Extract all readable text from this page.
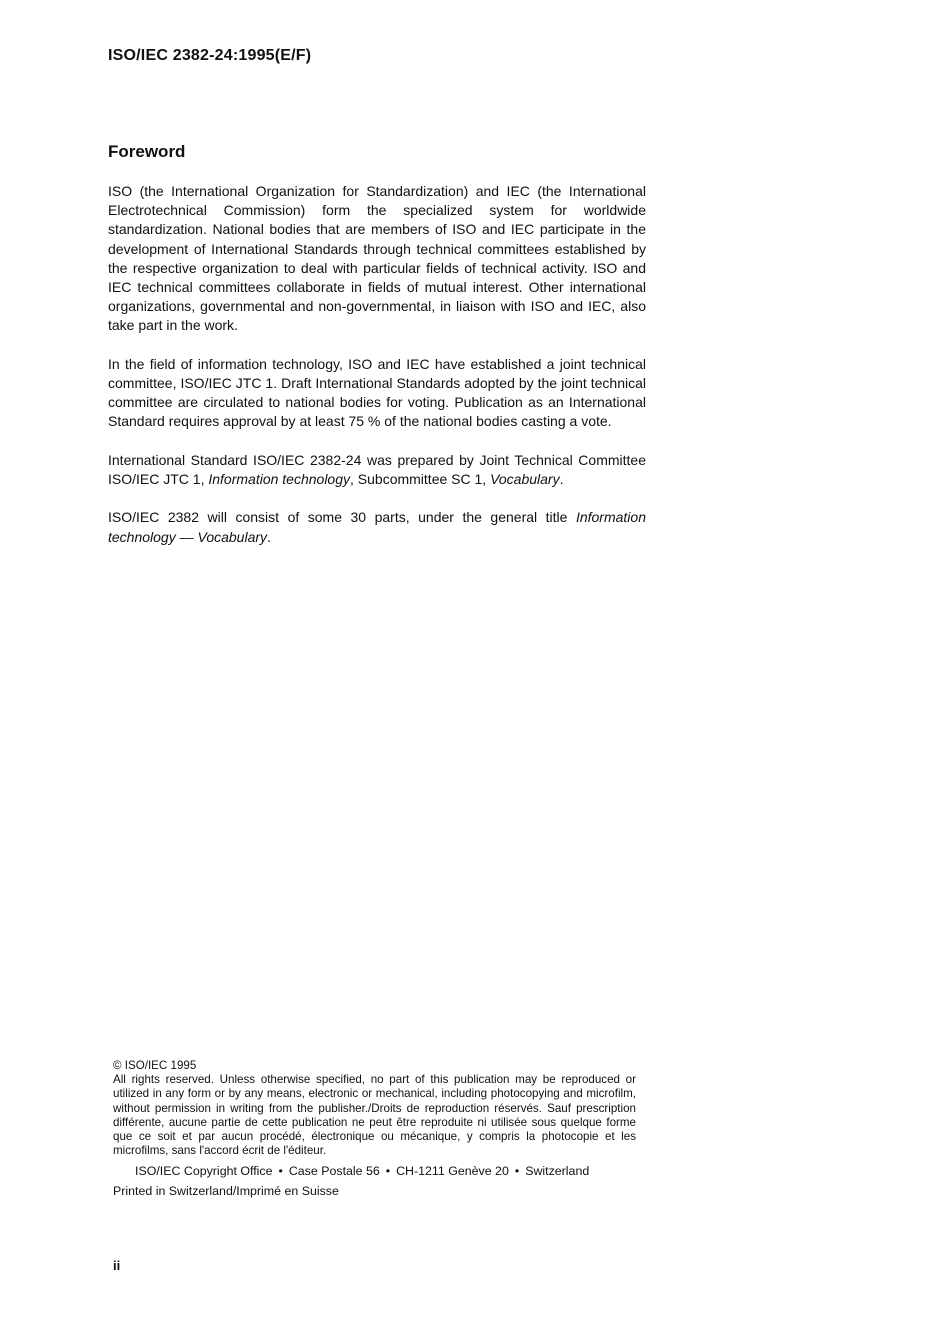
ISO/IEC 2382-24:1995(E/F)
Foreword

ISO (the International Organization for Standardization) and IEC (the International Electrotechnical Commission) form the specialized system for worldwide standardization. National bodies that are members of ISO and IEC participate in the development of International Standards through technical committees established by the respective organization to deal with particular fields of technical activity. ISO and IEC technical committees collaborate in fields of mutual interest. Other international organizations, governmental and non-governmental, in liaison with ISO and IEC, also take part in the work.

In the field of information technology, ISO and IEC have established a joint technical committee, ISO/IEC JTC 1. Draft International Standards adopted by the joint technical committee are circulated to national bodies for voting. Publication as an International Standard requires approval by at least 75 % of the national bodies casting a vote.

International Standard ISO/IEC 2382-24 was prepared by Joint Technical Committee ISO/IEC JTC 1, Information technology, Subcommittee SC 1, Vocabulary.

ISO/IEC 2382 will consist of some 30 parts, under the general title Information technology — Vocabulary.

© ISO/IEC 1995
All rights reserved. Unless otherwise specified, no part of this publication may be reproduced or utilized in any form or by any means, electronic or mechanical, including photocopying and microfilm, without permission in writing from the publisher./Droits de reproduction réservés. Sauf prescription différente, aucune partie de cette publication ne peut être reproduite ni utilisée sous quelque forme que ce soit et par aucun procédé, électronique ou mécanique, y compris la photocopie et les microfilms, sans l'accord écrit de l'éditeur.
ISO/IEC Copyright Office • Case Postale 56 • CH-1211 Genève 20 • Switzerland
Printed in Switzerland/Imprimé en Suisse
ii
